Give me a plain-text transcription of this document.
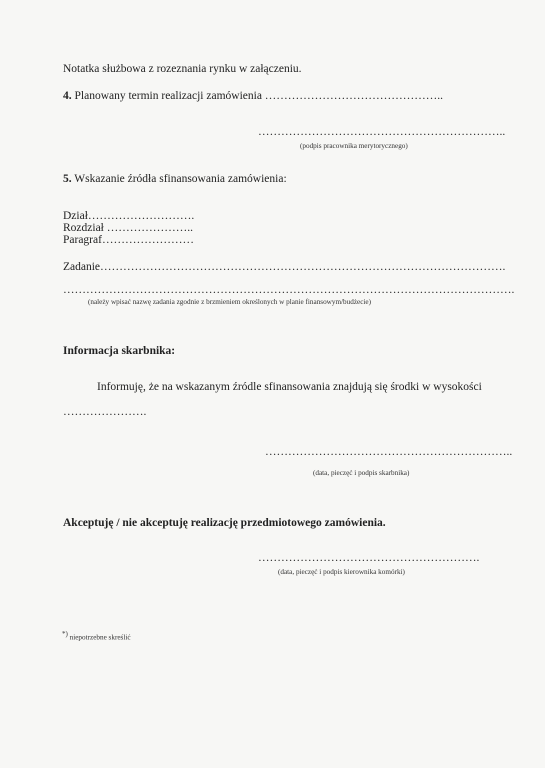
Notatka służbowa z rozeznania rynku w załączeniu.
4. Planowany termin realizacji zamówienia ………………………………………..
………………………………………………………..
(podpis pracownika merytorycznego)
5. Wskazanie źródła sfinansowania zamówienia:
Dział……………………….
Rozdział …………………..
Paragraf……………………
Zadanie…………………………………………………………………………………………….
……………………………………………………………………………………………………….
(należy wpisać nazwę zadania zgodnie z brzmieniem określonych w planie finansowym/budżecie)
Informacja skarbnika:
Informuję, że na wskazanym źródle sfinansowania znajdują się środki w wysokości
………………….
………………………………………………………..
(data, pieczęć i podpis skarbnika)
Akceptuję / nie akceptuję realizację przedmiotowego zamówienia.
………………………………………………….
(data, pieczęć i podpis kierownika komórki)
*) niepotrzebne skreślić
